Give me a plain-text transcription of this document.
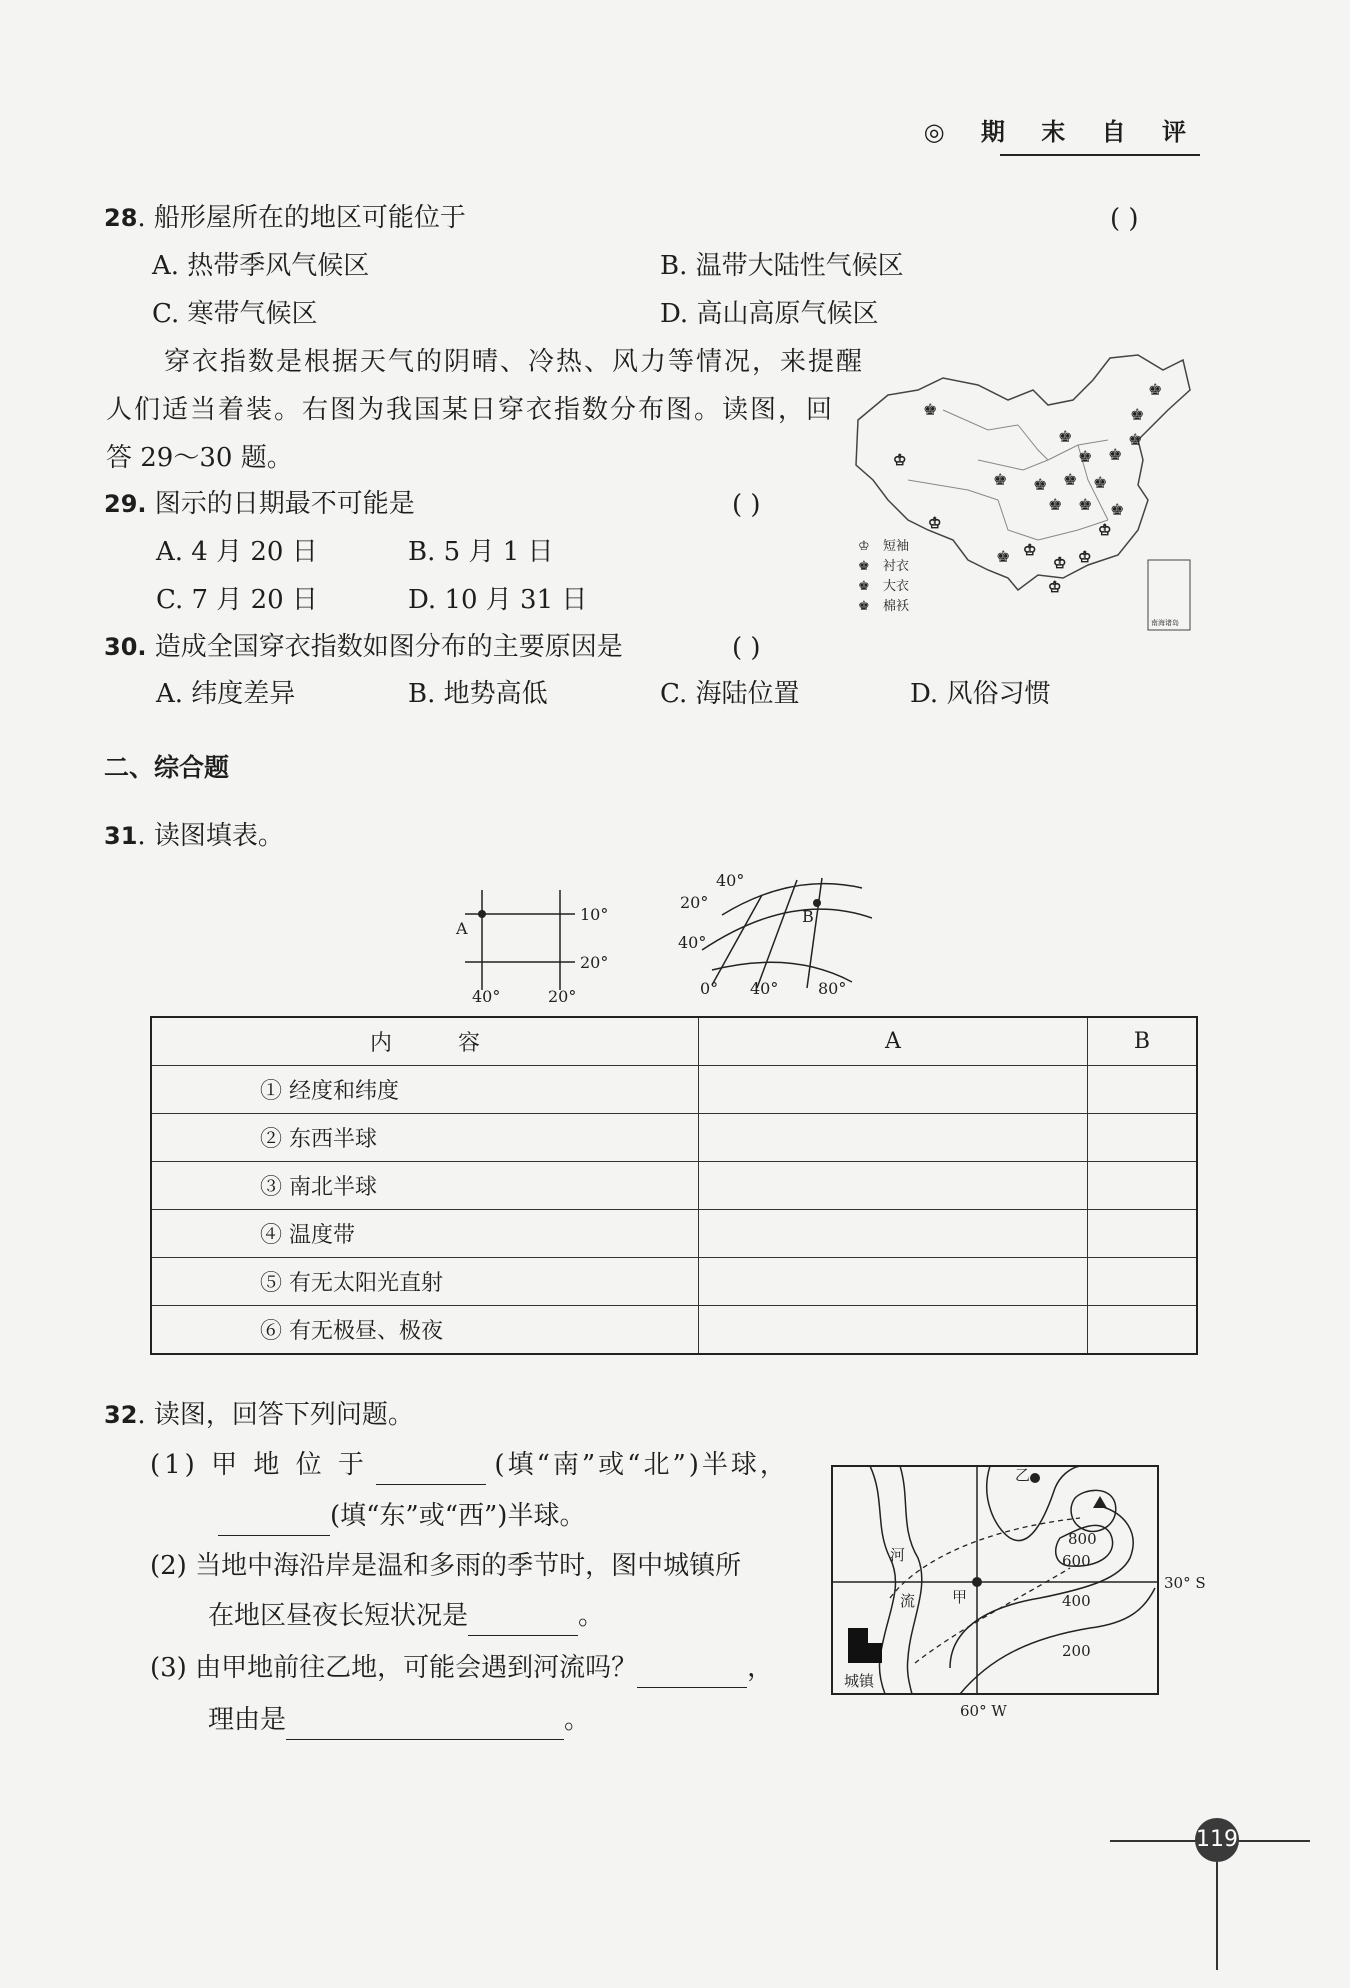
◎ 期 末 自 评
28. 船形屋所在的地区可能位于	( )
A. 热带季风气候区	B. 温带大陆性气候区
C. 寒带气候区	D. 高山高原气候区
穿衣指数是根据天气的阴晴、冷热、风力等情况，来提醒
人们适当着装。右图为我国某日穿衣指数分布图。读图，回
答 29～30 题。
29. 图示的日期最不可能是	( )
A. 4 月 20 日	B. 5 月 1 日
C. 7 月 20 日	D. 10 月 31 日
30. 造成全国穿衣指数如图分布的主要原因是	( )
A. 纬度差异	B. 地势高低	C. 海陆位置	D. 风俗习惯
♚
♚
♚
♚
♚
♚ ♚
♚ ♚ ♚
♚ ♚ ♚
♚
♚
♔
♔
♔
♔ ♔
♔
♔
♔ 短袖
♚ 衬衣
♚ 大衣
♚ 棉袄
南海诸岛
二、综合题
31. 读图填表。
A
10°
20°
40°	20°
40°
20°
40°
0° 40° 80°
B
内　　　容	A	B
① 经度和纬度		
② 东西半球		
③ 南北半球		
④ 温度带		
⑤ 有无太阳光直射		
⑥ 有无极昼、极夜		
32. 读图，回答下列问题。
(1) 甲 地 位 于	(填“南”或“北”)半球，
(填“东”或“西”)半球。
(2) 当地中海沿岸是温和多雨的季节时，图中城镇所
在地区昼夜长短状况是	。
(3) 由甲地前往乙地，可能会遇到河流吗？	，
理由是	。
800
600
400
200
30° S
60° W
河
流 甲
乙
城镇
119
